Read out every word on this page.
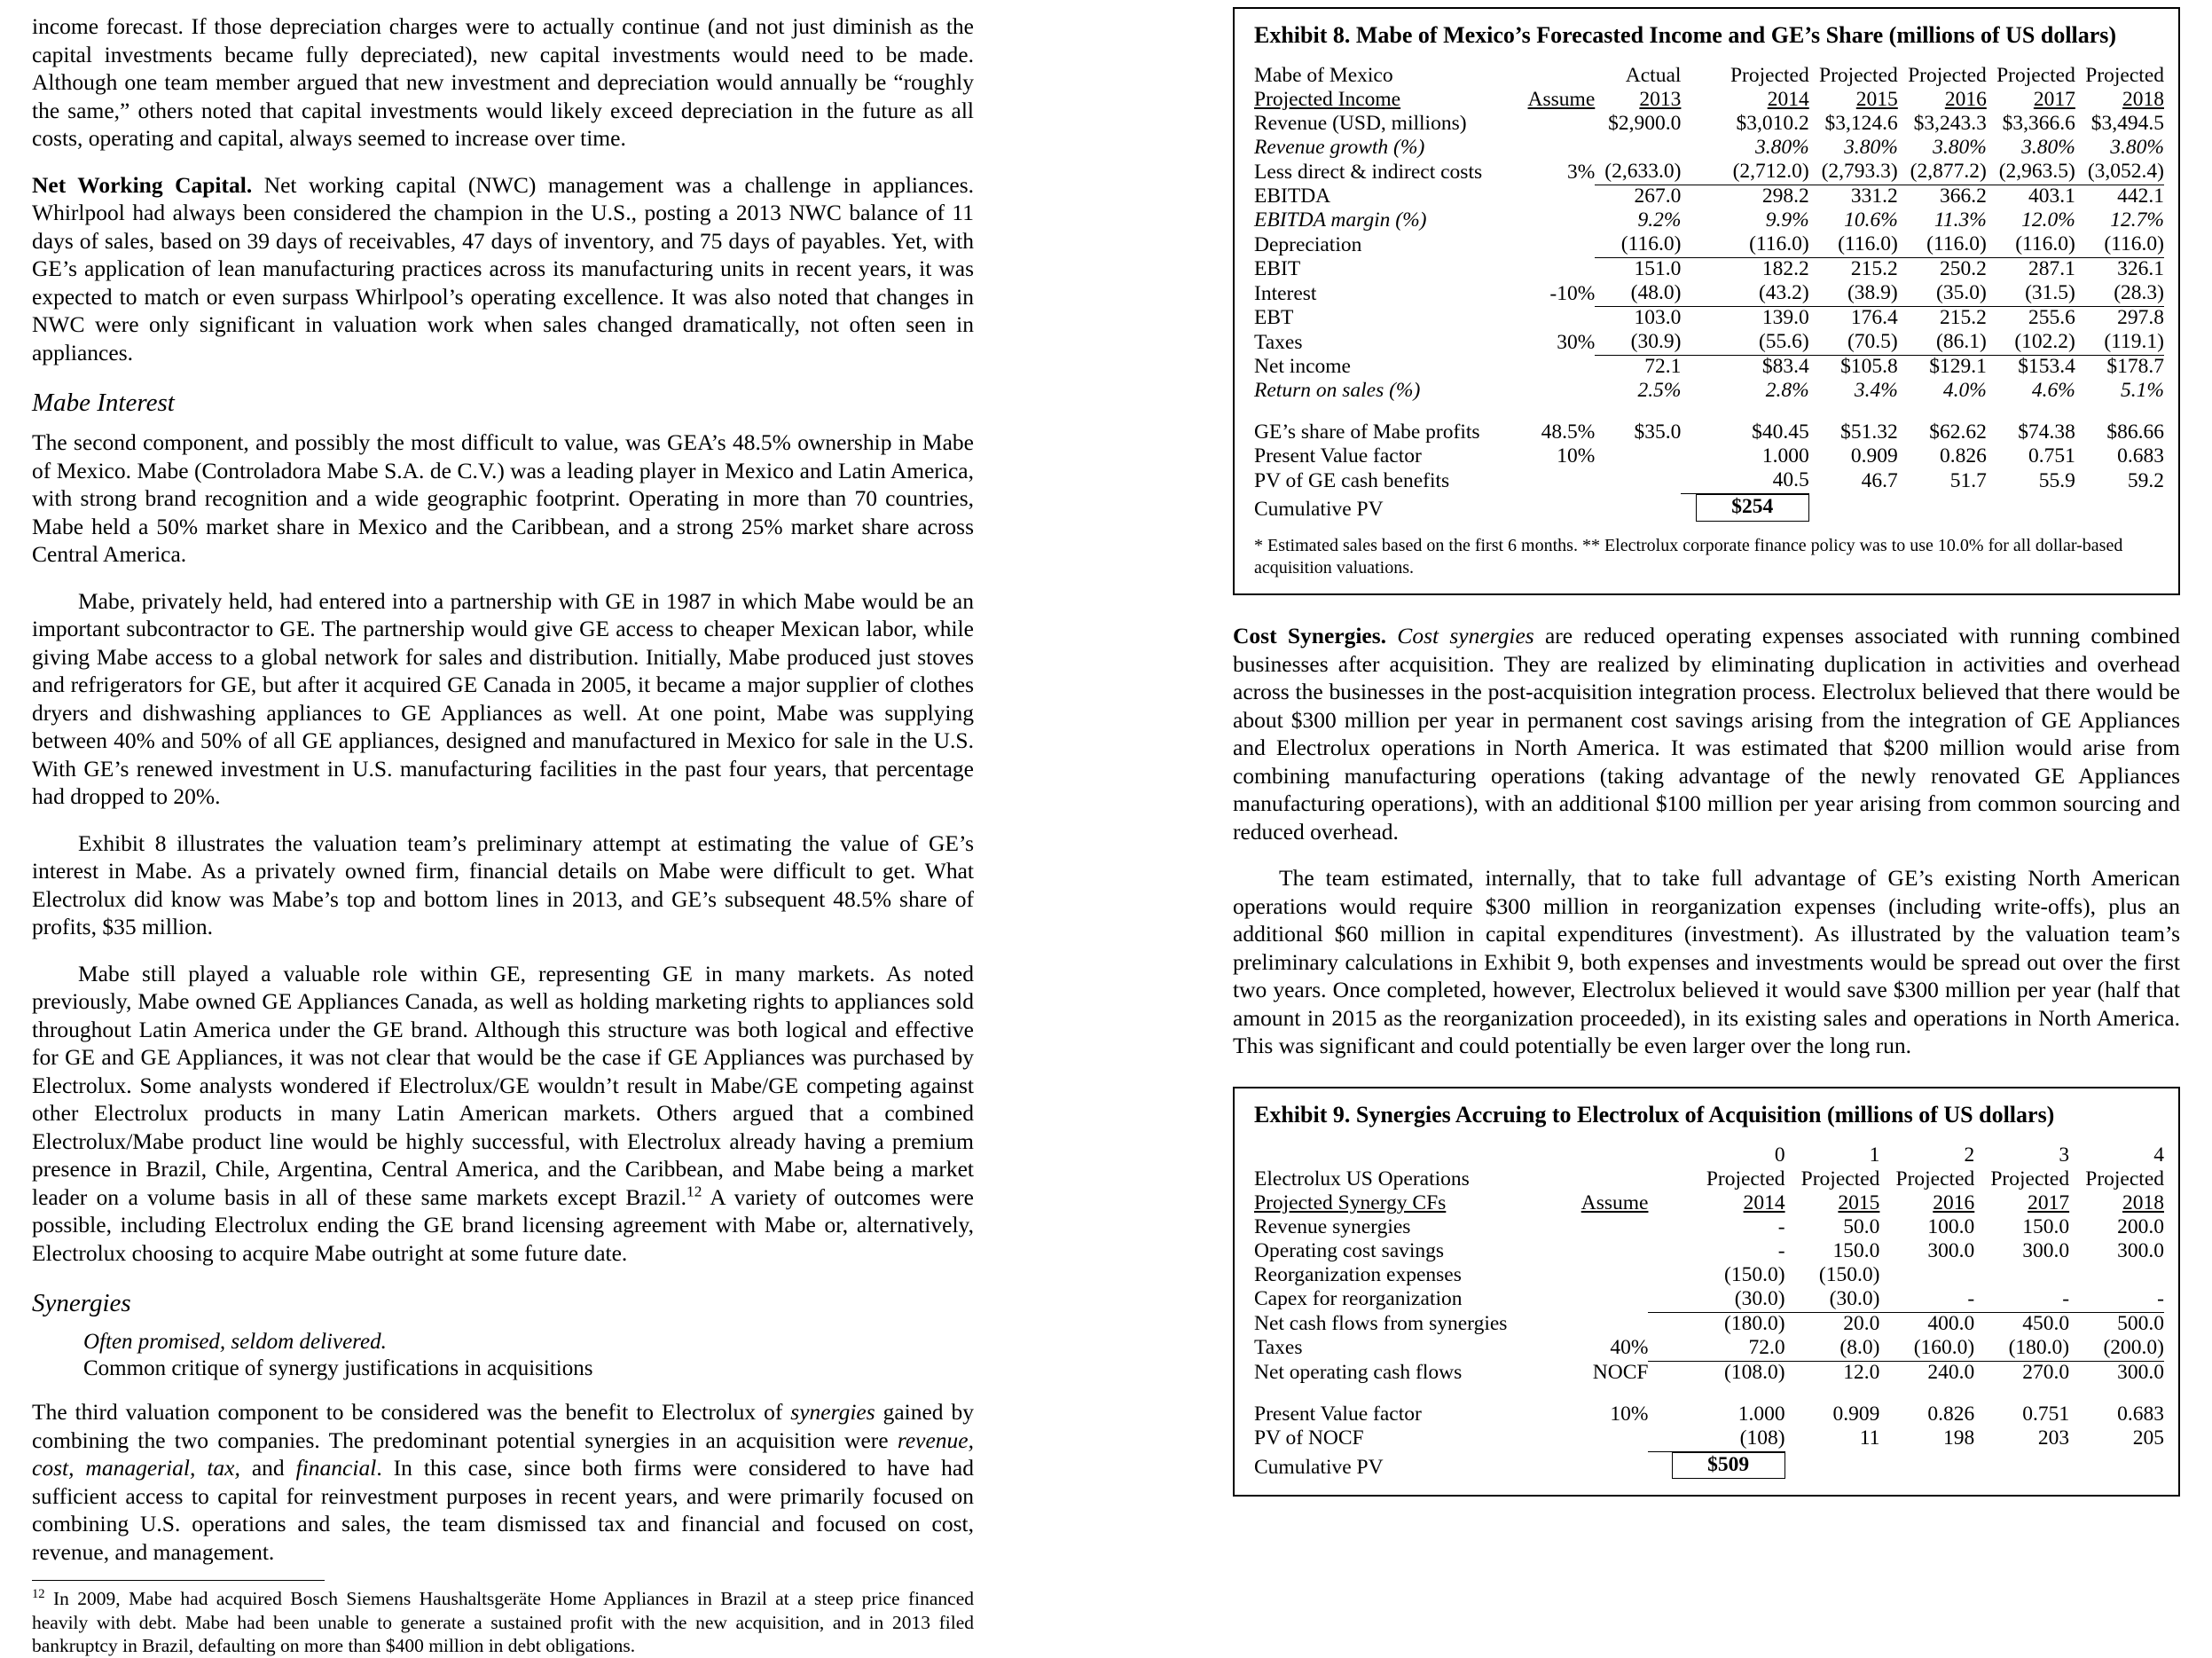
income forecast. If those depreciation charges were to actually continue (and not just diminish as the capital investments became fully depreciated), new capital investments would need to be made. Although one team member argued that new investment and depreciation would annually be “roughly the same,” others noted that capital investments would likely exceed depreciation in the future as all costs, operating and capital, always seemed to increase over time.

Net Working Capital. Net working capital (NWC) management was a challenge in appliances. Whirlpool had always been considered the champion in the U.S., posting a 2013 NWC balance of 11 days of sales, based on 39 days of receivables, 47 days of inventory, and 75 days of payables. Yet, with GE’s application of lean manufacturing practices across its manufacturing units in recent years, it was expected to match or even surpass Whirlpool’s operating excellence. It was also noted that changes in NWC were only significant in valuation work when sales changed dramatically, not often seen in appliances.

Mabe Interest

The second component, and possibly the most difficult to value, was GEA’s 48.5% ownership in Mabe of Mexico. Mabe (Controladora Mabe S.A. de C.V.) was a leading player in Mexico and Latin America, with strong brand recognition and a wide geographic footprint. Operating in more than 70 countries, Mabe held a 50% market share in Mexico and the Caribbean, and a strong 25% market share across Central America.

Mabe, privately held, had entered into a partnership with GE in 1987 in which Mabe would be an important subcontractor to GE. The partnership would give GE access to cheaper Mexican labor, while giving Mabe access to a global network for sales and distribution. Initially, Mabe produced just stoves and refrigerators for GE, but after it acquired GE Canada in 2005, it became a major supplier of clothes dryers and dishwashing appliances to GE Appliances as well. At one point, Mabe was supplying between 40% and 50% of all GE appliances, designed and manufactured in Mexico for sale in the U.S. With GE’s renewed investment in U.S. manufacturing facilities in the past four years, that percentage had dropped to 20%.

Exhibit 8 illustrates the valuation team’s preliminary attempt at estimating the value of GE’s interest in Mabe. As a privately owned firm, financial details on Mabe were difficult to get. What Electrolux did know was Mabe’s top and bottom lines in 2013, and GE’s subsequent 48.5% share of profits, $35 million.

Mabe still played a valuable role within GE, representing GE in many markets. As noted previously, Mabe owned GE Appliances Canada, as well as holding marketing rights to appliances sold throughout Latin America under the GE brand. Although this structure was both logical and effective for GE and GE Appliances, it was not clear that would be the case if GE Appliances was purchased by Electrolux. Some analysts wondered if Electrolux/GE wouldn’t result in Mabe/GE competing against other Electrolux products in many Latin American markets. Others argued that a combined Electrolux/Mabe product line would be highly successful, with Electrolux already having a premium presence in Brazil, Chile, Argentina, Central America, and the Caribbean, and Mabe being a market leader on a volume basis in all of these same markets except Brazil.$^{12}$ A variety of outcomes were possible, including Electrolux ending the GE brand licensing agreement with Mabe or, alternatively, Electrolux choosing to acquire Mabe outright at some future date.

Synergies
Often promised, seldom delivered.
Common critique of synergy justifications in acquisitions

The third valuation component to be considered was the benefit to Electrolux of synergies gained by combining the two companies. The predominant potential synergies in an acquisition were revenue, cost, managerial, tax, and financial. In this case, since both firms were considered to have had sufficient access to capital for reinvestment purposes in recent years, and were primarily focused on combining U.S. operations and sales, the team dismissed tax and financial and focused on cost, revenue, and management.

$^{12}$ In 2009, Mabe had acquired Bosch Siemens Haushaltsgeräte Home Appliances in Brazil at a steep price financed heavily with debt. Mabe had been unable to generate a sustained profit with the new acquisition, and in 2013 filed bankruptcy in Brazil, defaulting on more than $400 million in debt obligations.

Exhibit 8. Mabe of Mexico’s Forecasted Income and GE’s Share (millions of US dollars)
Mabe of Mexico		Actual	Projected	Projected	Projected	Projected	Projected
Projected Income	Assume	2013	2014	2015	2016	2017	2018
Revenue (USD, millions)		$2,900.0	$3,010.2	$3,124.6	$3,243.3	$3,366.6	$3,494.5
Revenue growth (%)			3.80%	3.80%	3.80%	3.80%	3.80%
Less direct & indirect costs	3%	(2,633.0)	(2,712.0)	(2,793.3)	(2,877.2)	(2,963.5)	(3,052.4)
EBITDA		267.0	298.2	331.2	366.2	403.1	442.1
EBITDA margin (%)		9.2%	9.9%	10.6%	11.3%	12.0%	12.7%
Depreciation		(116.0)	(116.0)	(116.0)	(116.0)	(116.0)	(116.0)
EBIT		151.0	182.2	215.2	250.2	287.1	326.1
Interest	-10%	(48.0)	(43.2)	(38.9)	(35.0)	(31.5)	(28.3)
EBT		103.0	139.0	176.4	215.2	255.6	297.8
Taxes	30%	(30.9)	(55.6)	(70.5)	(86.1)	(102.2)	(119.1)
Net income		72.1	$83.4	$105.8	$129.1	$153.4	$178.7
Return on sales (%)		2.5%	2.8%	3.4%	4.0%	4.6%	5.1%

GE’s share of Mabe profits	48.5%	$35.0	$40.45	$51.32	$62.62	$74.38	$86.66
Present Value factor	10%		1.000	0.909	0.826	0.751	0.683
PV of GE cash benefits			40.5	46.7	51.7	55.9	59.2
Cumulative PV			$254				
* Estimated sales based on the first 6 months. ** Electrolux corporate finance policy was to use 10.0% for all dollar-based acquisition valuations.

Cost Synergies. Cost synergies are reduced operating expenses associated with running combined businesses after acquisition. They are realized by eliminating duplication in activities and overhead across the businesses in the post-acquisition integration process. Electrolux believed that there would be about $300 million per year in permanent cost savings arising from the integration of GE Appliances and Electrolux operations in North America. It was estimated that $200 million would arise from combining manufacturing operations (taking advantage of the newly renovated GE Appliances manufacturing operations), with an additional $100 million per year arising from common sourcing and reduced overhead.

The team estimated, internally, that to take full advantage of GE’s existing North American operations would require $300 million in reorganization expenses (including write-offs), plus an additional $60 million in capital expenditures (investment). As illustrated by the valuation team’s preliminary calculations in Exhibit 9, both expenses and investments would be spread out over the first two years. Once completed, however, Electrolux believed it would save $300 million per year (half that amount in 2015 as the reorganization proceeded), in its existing sales and operations in North America. This was significant and could potentially be even larger over the long run.

Exhibit 9. Synergies Accruing to Electrolux of Acquisition (millions of US dollars)
		0	1	2	3	4
Electrolux US Operations		Projected	Projected	Projected	Projected	Projected
Projected Synergy CFs	Assume	2014	2015	2016	2017	2018
Revenue synergies		-	50.0	100.0	150.0	200.0
Operating cost savings		-	150.0	300.0	300.0	300.0
Reorganization expenses		(150.0)	(150.0)			
Capex for reorganization		(30.0)	(30.0)	-	-	-
Net cash flows from synergies		(180.0)	20.0	400.0	450.0	500.0
Taxes	40%	72.0	(8.0)	(160.0)	(180.0)	(200.0)
Net operating cash flows	NOCF	(108.0)	12.0	240.0	270.0	300.0

Present Value factor	10%	1.000	0.909	0.826	0.751	0.683
PV of NOCF		(108)	11	198	203	205
Cumulative PV		$509				
